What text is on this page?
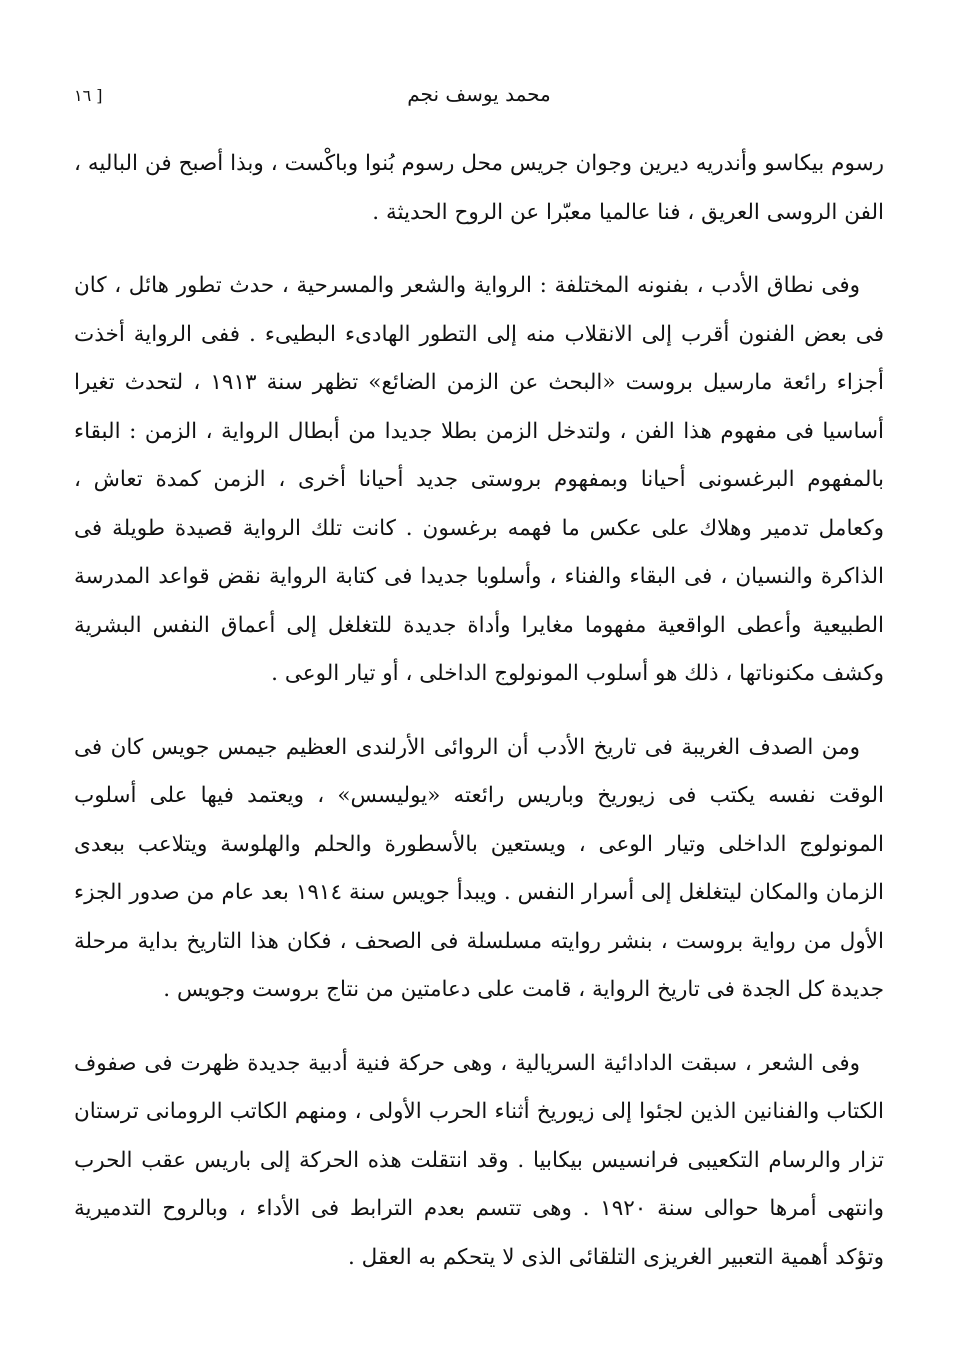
محمد يوسف نجم
[ ١٦

رسوم بيكاسو وأندريه ديرين وجوان جريس محل رسوم بُنوا وباكْست ، وبذا أصبح فن الباليه ، الفن الروسى العريق ، فنا عالميا معبّرا عن الروح الحديثة .

وفى نطاق الأدب ، بفنونه المختلفة : الرواية والشعر والمسرحية ، حدث تطور هائل ، كان فى بعض الفنون أقرب إلى الانقلاب منه إلى التطور الهادىء البطيىء . ففى الرواية أخذت أجزاء رائعة مارسيل بروست «البحث عن الزمن الضائع» تظهر سنة ١٩١٣ ، لتحدث تغيرا أساسيا فى مفهوم هذا الفن ، ولتدخل الزمن بطلا جديدا من أبطال الرواية ، الزمن : البقاء بالمفهوم البرغسونى أحيانا وبمفهوم بروستى جديد أحيانا أخرى ، الزمن كمدة تعاش ، وكعامل تدمير وهلاك على عكس ما فهمه برغسون . كانت تلك الرواية قصيدة طويلة فى الذاكرة والنسيان ، فى البقاء والفناء ، وأسلوبا جديدا فى كتابة الرواية نقض قواعد المدرسة الطبيعية وأعطى الواقعية مفهوما مغايرا وأداة جديدة للتغلغل إلى أعماق النفس البشرية وكشف مكنوناتها ، ذلك هو أسلوب المونولوج الداخلى ، أو تيار الوعى .

ومن الصدف الغريبة فى تاريخ الأدب أن الروائى الأرلندى العظيم جيمس جويس كان فى الوقت نفسه يكتب فى زيوريخ وباريس رائعته «يوليسس» ، ويعتمد فيها على أسلوب المونولوج الداخلى وتيار الوعى ، ويستعين بالأسطورة والحلم والهلوسة ويتلاعب ببعدى الزمان والمكان ليتغلغل إلى أسرار النفس . ويبدأ جويس سنة ١٩١٤ بعد عام من صدور الجزء الأول من رواية بروست ، بنشر روايته مسلسلة فى الصحف ، فكان هذا التاريخ بداية مرحلة جديدة كل الجدة فى تاريخ الرواية ، قامت على دعامتين من نتاج بروست وجويس .

وفى الشعر ، سبقت الدادائية السريالية ، وهى حركة فنية أدبية جديدة ظهرت فى صفوف الكتاب والفنانين الذين لجئوا إلى زيوريخ أثناء الحرب الأولى ، ومنهم الكاتب الرومانى ترستان تزار والرسام التكعيبى فرانسيس بيكابيا . وقد انتقلت هذه الحركة إلى باريس عقب الحرب وانتهى أمرها حوالى سنة ١٩٢٠ . وهى تتسم بعدم الترابط فى الأداء ، وبالروح التدميرية وتؤكد أهمية التعبير الغريزى التلقائى الذى لا يتحكم به العقل .
